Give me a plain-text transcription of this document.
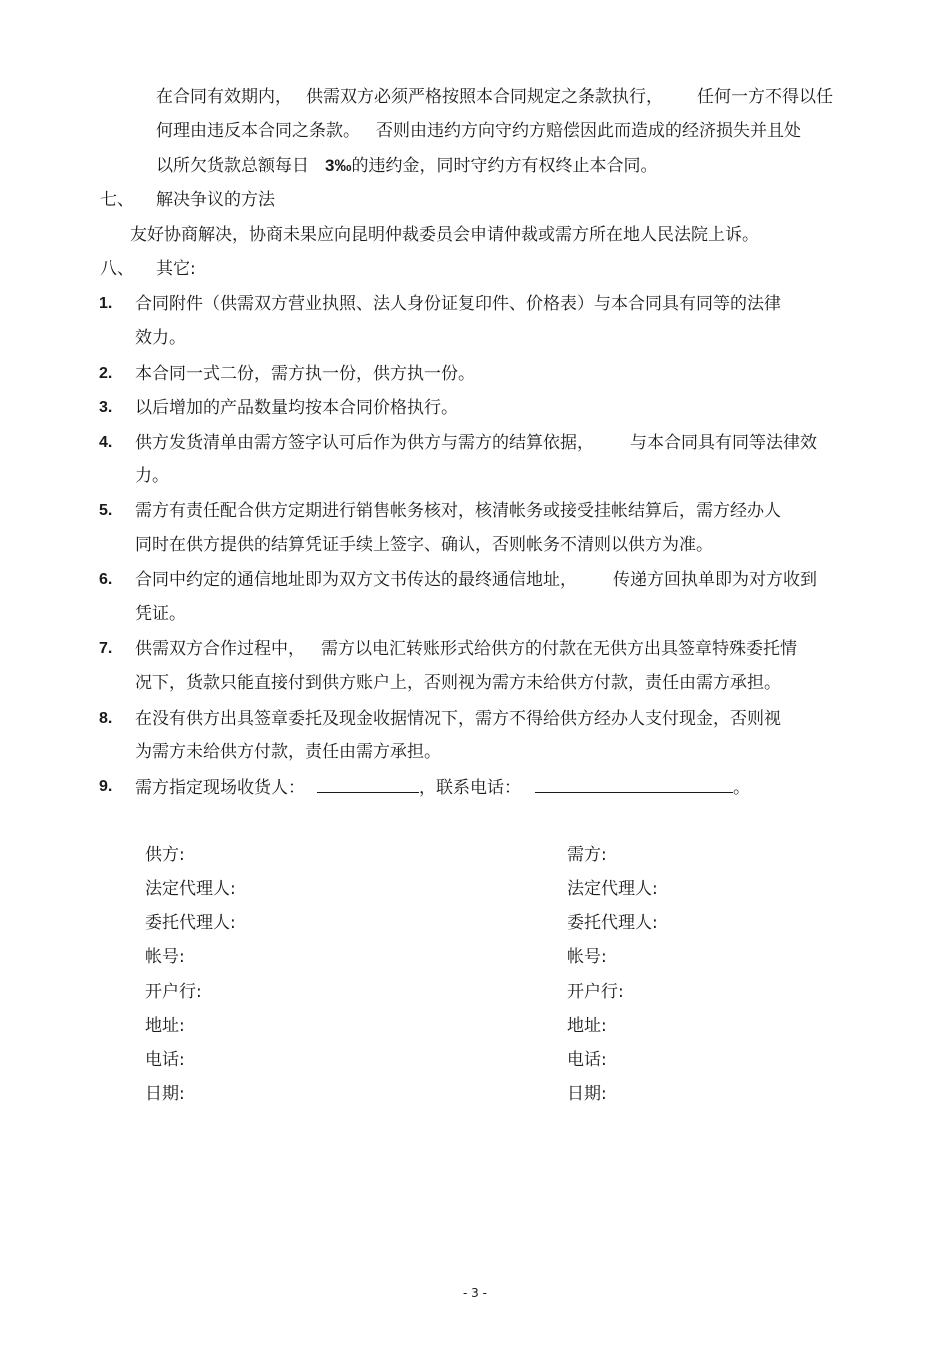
在合同有效期内， 供需双方必须严格按照本合同规定之条款执行， 任何一方不得以任
何理由违反本合同之条款。 否则由违约方向守约方赔偿因此而造成的经济损失并且处
以所欠货款总额每日 3‰的违约金，同时守约方有权终止本合同。
七、 解决争议的方法
友好协商解决，协商未果应向昆明仲裁委员会申请仲裁或需方所在地人民法院上诉。
八、 其它:
1. 合同附件（供需双方营业执照、法人身份证复印件、价格表）与本合同具有同等的法律
效力。
2. 本合同一式二份，需方执一份，供方执一份。
3. 以后增加的产品数量均按本合同价格执行。
4. 供方发货清单由需方签字认可后作为供方与需方的结算依据， 与本合同具有同等法律效
力。
5. 需方有责任配合供方定期进行销售帐务核对，核清帐务或接受挂帐结算后，需方经办人
同时在供方提供的结算凭证手续上签字、确认，否则帐务不清则以供方为准。
6. 合同中约定的通信地址即为双方文书传达的最终通信地址， 传递方回执单即为对方收到
凭证。
7. 供需双方合作过程中， 需方以电汇转账形式给供方的付款在无供方出具签章特殊委托情
况下，货款只能直接付到供方账户上，否则视为需方未给供方付款，责任由需方承担。
8. 在没有供方出具签章委托及现金收据情况下，需方不得给供方经办人支付现金，否则视
为需方未给供方付款，责任由需方承担。
9. 需方指定现场收货人：	，联系电话：	。
供方:
法定代理人:
委托代理人:
帐号:
开户行:
地址:
电话:
日期:
需方:
法定代理人:
委托代理人:
帐号:
开户行:
地址:
电话:
日期:
- 3 -
